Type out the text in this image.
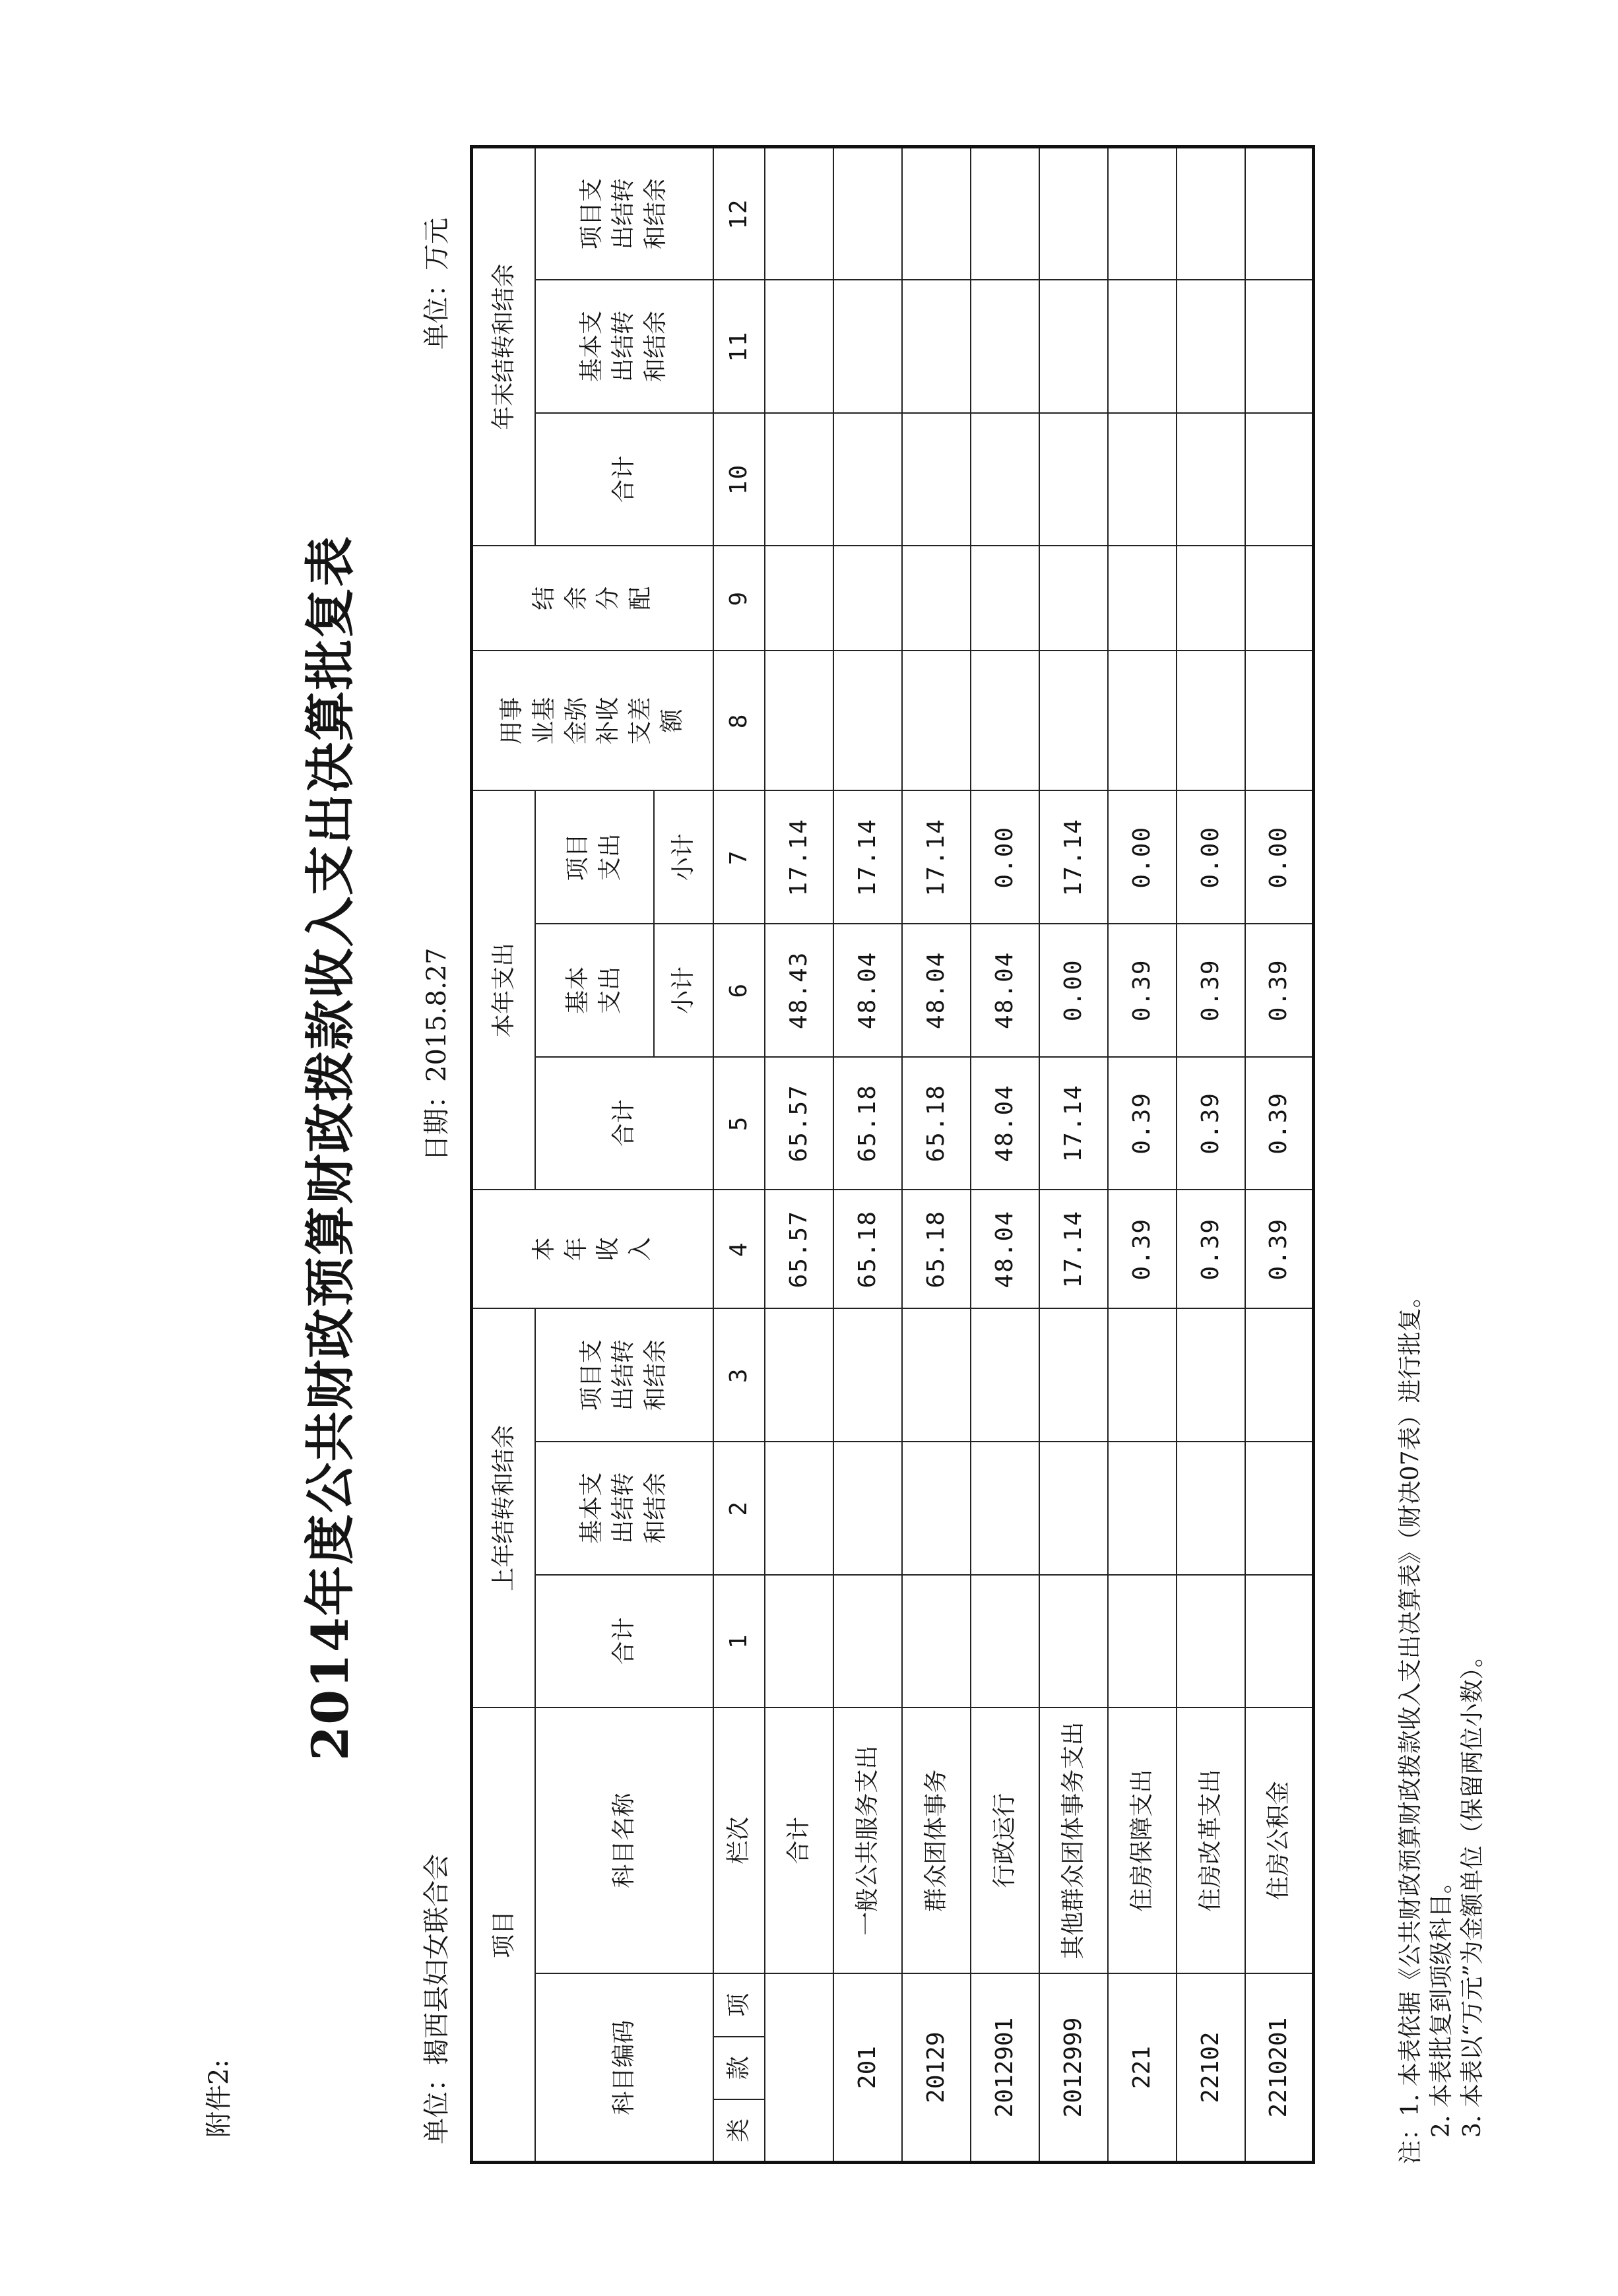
附件2:
2014年度公共财政预算财政拨款收入支出决算批复表
单位：揭西县妇女联合会
日期：2015.8.27
单位：万元
项目				上年结转和结余			本年收入	本年支出			用事业基金弥补收支差额	结余分配	年末结转和结余		
科目编码			科目名称	合计	基本支出结转和结余	项目支出结转和结余		合计	基本支出	项目支出			合计	基本支出结转和结余	项目支出结转和结余
									小计	小计					
类	款	项	栏次	1	2	3	4	5	6	7	8	9	10	11	12
			合计				65.57	65.57	48.43	17.14					
201			一般公共服务支出				65.18	65.18	48.04	17.14					
20129			群众团体事务				65.18	65.18	48.04	17.14					
2012901			行政运行				48.04	48.04	48.04	0.00					
2012999			其他群众团体事务支出				17.14	17.14	0.00	17.14					
221			住房保障支出				0.39	0.39	0.39	0.00					
22102			住房改革支出				0.39	0.39	0.39	0.00					
2210201			住房公积金				0.39	0.39	0.39	0.00					
注：1. 本表依据《公共财政预算财政拨款收入支出决算表》（财决07表）进行批复。 2. 本表批复到项级科目。 3. 本表以“万元”为金额单位（保留两位小数）。
